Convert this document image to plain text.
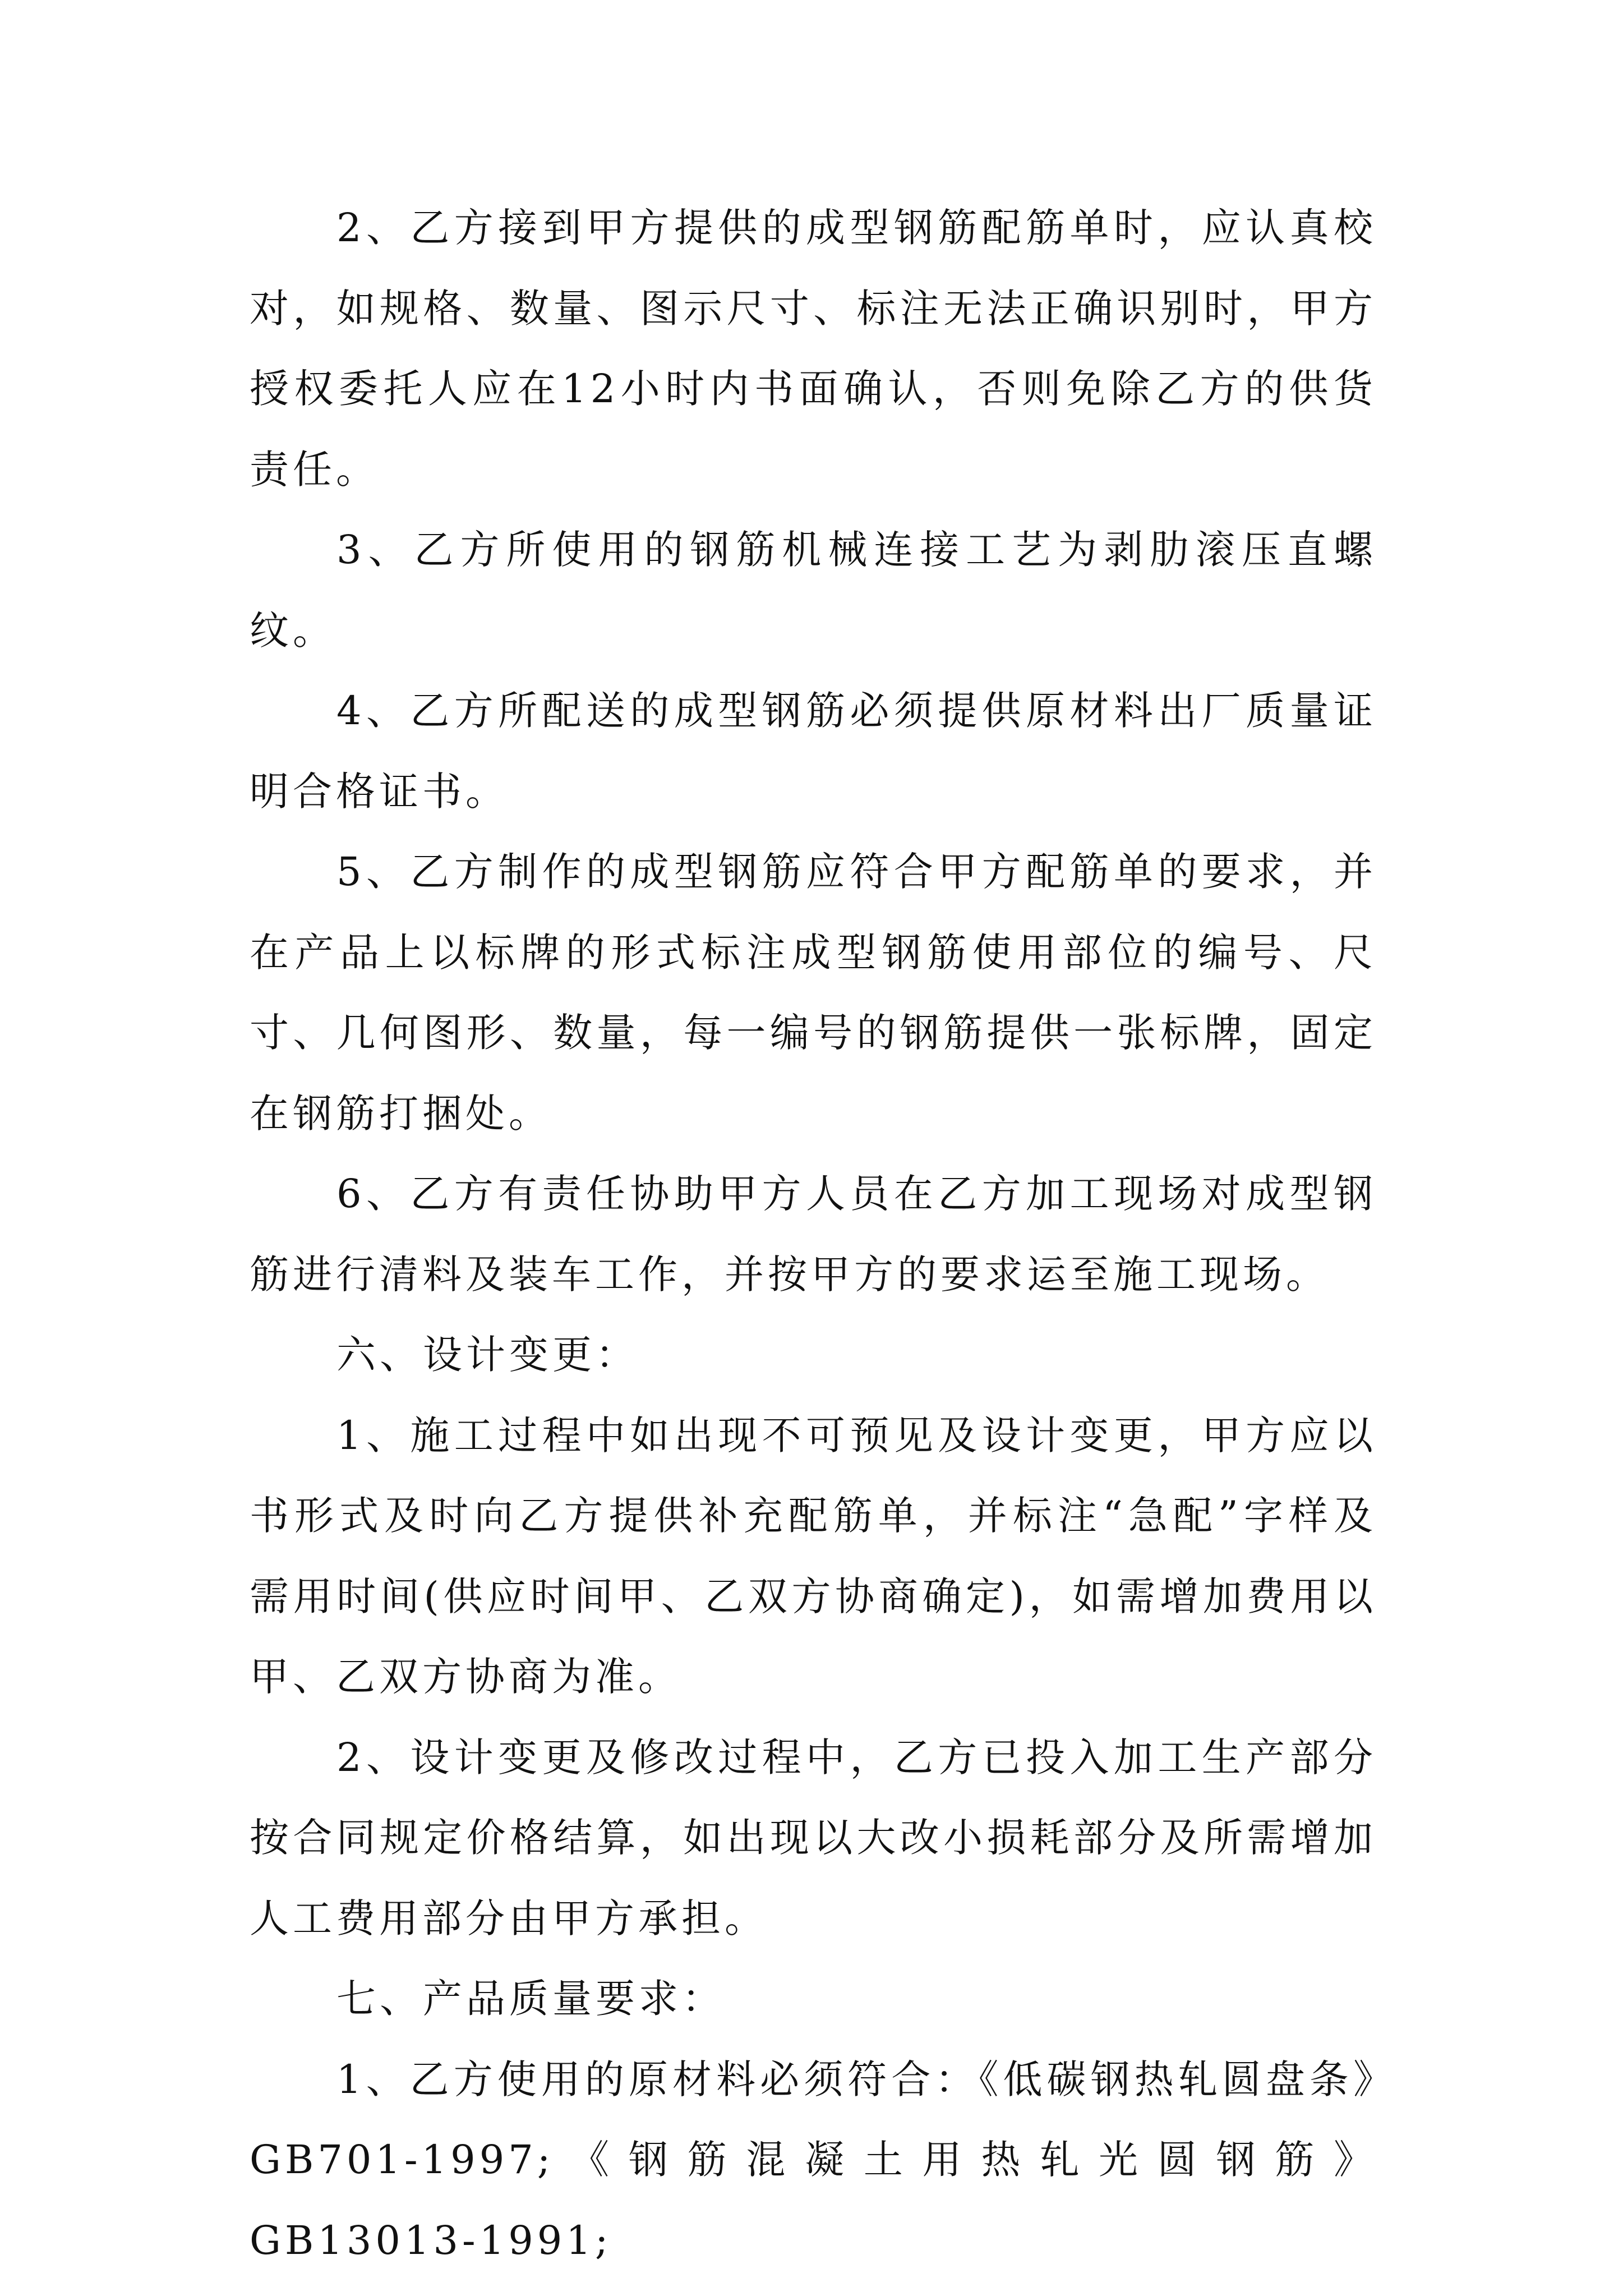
2、乙方接到甲方提供的成型钢筋配筋单时，应认真校对，如规格、数量、图示尺寸、标注无法正确识别时，甲方授权委托人应在12小时内书面确认，否则免除乙方的供货责任。

3、乙方所使用的钢筋机械连接工艺为剥肋滚压直螺纹。

4、乙方所配送的成型钢筋必须提供原材料出厂质量证明合格证书。

5、乙方制作的成型钢筋应符合甲方配筋单的要求，并在产品上以标牌的形式标注成型钢筋使用部位的编号、尺寸、几何图形、数量，每一编号的钢筋提供一张标牌，固定在钢筋打捆处。

6、乙方有责任协助甲方人员在乙方加工现场对成型钢筋进行清料及装车工作，并按甲方的要求运至施工现场。

六、设计变更：

1、施工过程中如出现不可预见及设计变更，甲方应以书形式及时向乙方提供补充配筋单，并标注“急配”字样及需用时间(供应时间甲、乙双方协商确定)，如需增加费用以甲、乙双方协商为准。

2、设计变更及修改过程中，乙方已投入加工生产部分按合同规定价格结算，如出现以大改小损耗部分及所需增加人工费用部分由甲方承担。

七、产品质量要求：

1、乙方使用的原材料必须符合：《低碳钢热轧圆盘条》GB701-1997;《钢筋混凝土用热轧光圆钢筋》GB13013-1991;
